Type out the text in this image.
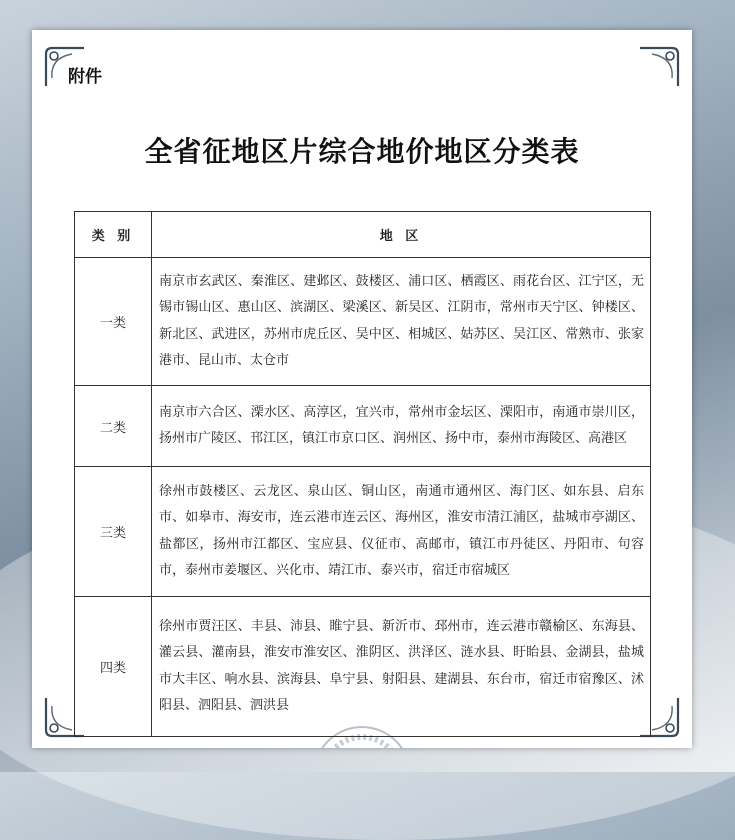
附件
全省征地区片综合地价地区分类表
类 别	地 区
一类	南京市玄武区、秦淮区、建邺区、鼓楼区、浦口区、栖霞区、雨花台区、江宁区，无锡市锡山区、惠山区、滨湖区、梁溪区、新吴区、江阴市，常州市天宁区、钟楼区、新北区、武进区，苏州市虎丘区、吴中区、相城区、姑苏区、吴江区、常熟市、张家港市、昆山市、太仓市
二类	南京市六合区、溧水区、高淳区，宜兴市，常州市金坛区、溧阳市，南通市崇川区，扬州市广陵区、邗江区，镇江市京口区、润州区、扬中市，泰州市海陵区、高港区
三类	徐州市鼓楼区、云龙区、泉山区、铜山区，南通市通州区、海门区、如东县、启东市、如皋市、海安市，连云港市连云区、海州区，淮安市清江浦区，盐城市亭湖区、盐都区，扬州市江都区、宝应县、仪征市、高邮市，镇江市丹徒区、丹阳市、句容市，泰州市姜堰区、兴化市、靖江市、泰兴市，宿迁市宿城区
四类	徐州市贾汪区、丰县、沛县、睢宁县、新沂市、邳州市，连云港市赣榆区、东海县、灌云县、灌南县，淮安市淮安区、淮阴区、洪泽区、涟水县、盱眙县、金湖县，盐城市大丰区、响水县、滨海县、阜宁县、射阳县、建湖县、东台市，宿迁市宿豫区、沭阳县、泗阳县、泗洪县
